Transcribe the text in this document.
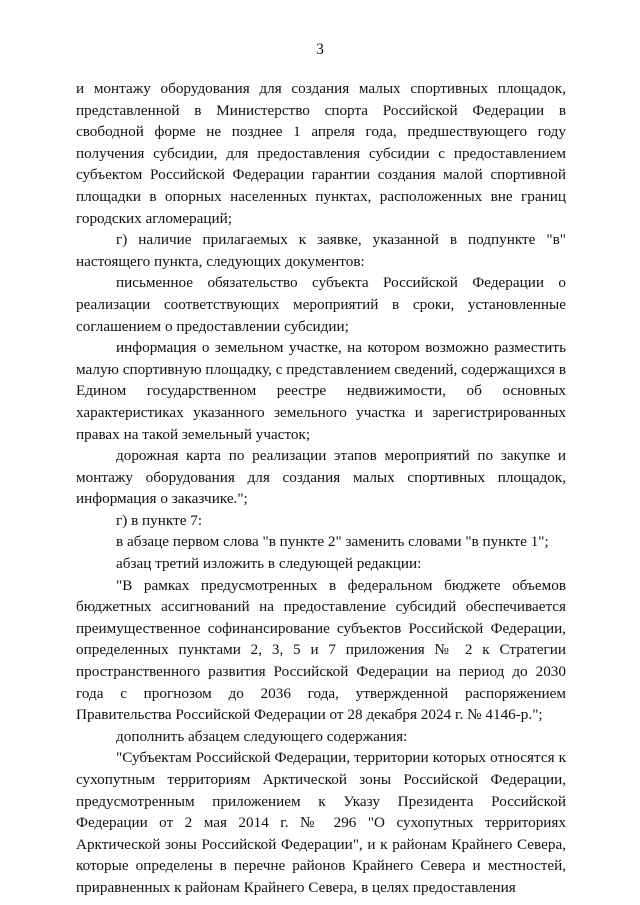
3

и монтажу оборудования для создания малых спортивных площадок, представленной в Министерство спорта Российской Федерации в свободной форме не позднее 1 апреля года, предшествующего году получения субсидии, для предоставления субсидии с предоставлением субъектом Российской Федерации гарантии создания малой спортивной площадки в опорных населенных пунктах, расположенных вне границ городских агломераций;

г) наличие прилагаемых к заявке, указанной в подпункте "в" настоящего пункта, следующих документов:

письменное обязательство субъекта Российской Федерации о реализации соответствующих мероприятий в сроки, установленные соглашением о предоставлении субсидии;

информация о земельном участке, на котором возможно разместить малую спортивную площадку, с представлением сведений, содержащихся в Едином государственном реестре недвижимости, об основных характеристиках указанного земельного участка и зарегистрированных правах на такой земельный участок;

дорожная карта по реализации этапов мероприятий по закупке и монтажу оборудования для создания малых спортивных площадок, информация о заказчике.";

г) в пункте 7:

в абзаце первом слова "в пункте 2" заменить словами "в пункте 1";

абзац третий изложить в следующей редакции:

"В рамках предусмотренных в федеральном бюджете объемов бюджетных ассигнований на предоставление субсидий обеспечивается преимущественное софинансирование субъектов Российской Федерации, определенных пунктами 2, 3, 5 и 7 приложения № 2 к Стратегии пространственного развития Российской Федерации на период до 2030 года с прогнозом до 2036 года, утвержденной распоряжением Правительства Российской Федерации от 28 декабря 2024 г. № 4146-р.";

дополнить абзацем следующего содержания:

"Субъектам Российской Федерации, территории которых относятся к сухопутным территориям Арктической зоны Российской Федерации, предусмотренным приложением к Указу Президента Российской Федерации от 2 мая 2014 г. № 296 "О сухопутных территориях Арктической зоны Российской Федерации", и к районам Крайнего Севера, которые определены в перечне районов Крайнего Севера и местностей, приравненных к районам Крайнего Севера, в целях предоставления
